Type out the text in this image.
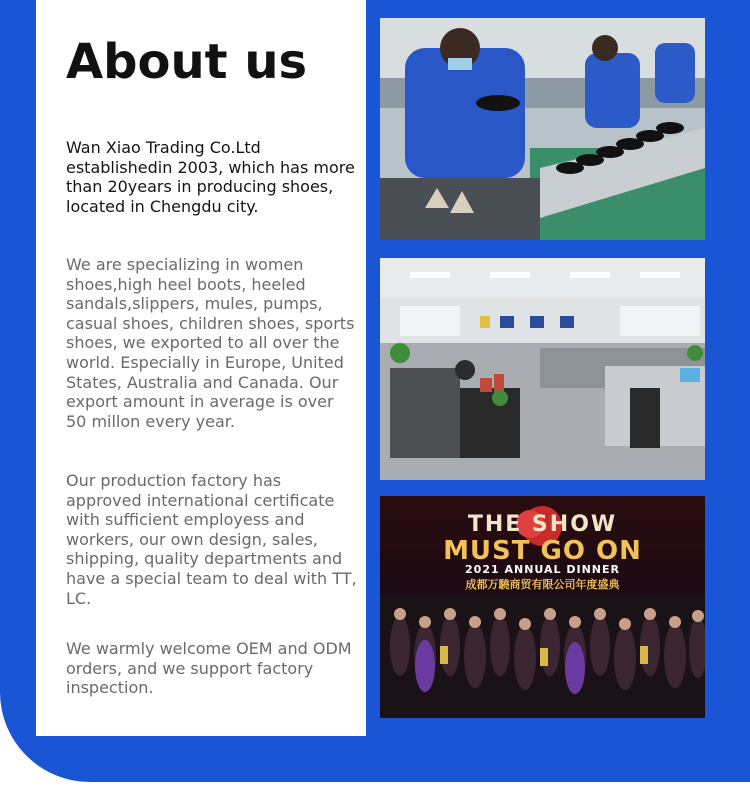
About us

Wan Xiao Trading Co.Ltd establishedin 2003, which has more than 20years in producing shoes, located in Chengdu city.

We are specializing in women shoes,high heel boots, heeled sandals,slippers, mules, pumps, casual shoes, children shoes, sports shoes, we exported to all over the world. Especially in Europe, United States, Australia and Canada. Our export amount in average is over 50 millon every year.

Our production factory has approved international certificate with sufficient employess and workers, our own design, sales, shipping, quality departments and have a special team to deal with TT, LC.

We warmly welcome OEM and ODM orders, and we support factory inspection.

THE SHOW
MUST GO ON
2021 ANNUAL DINNER
成都万驍商贸有限公司年度盛典
